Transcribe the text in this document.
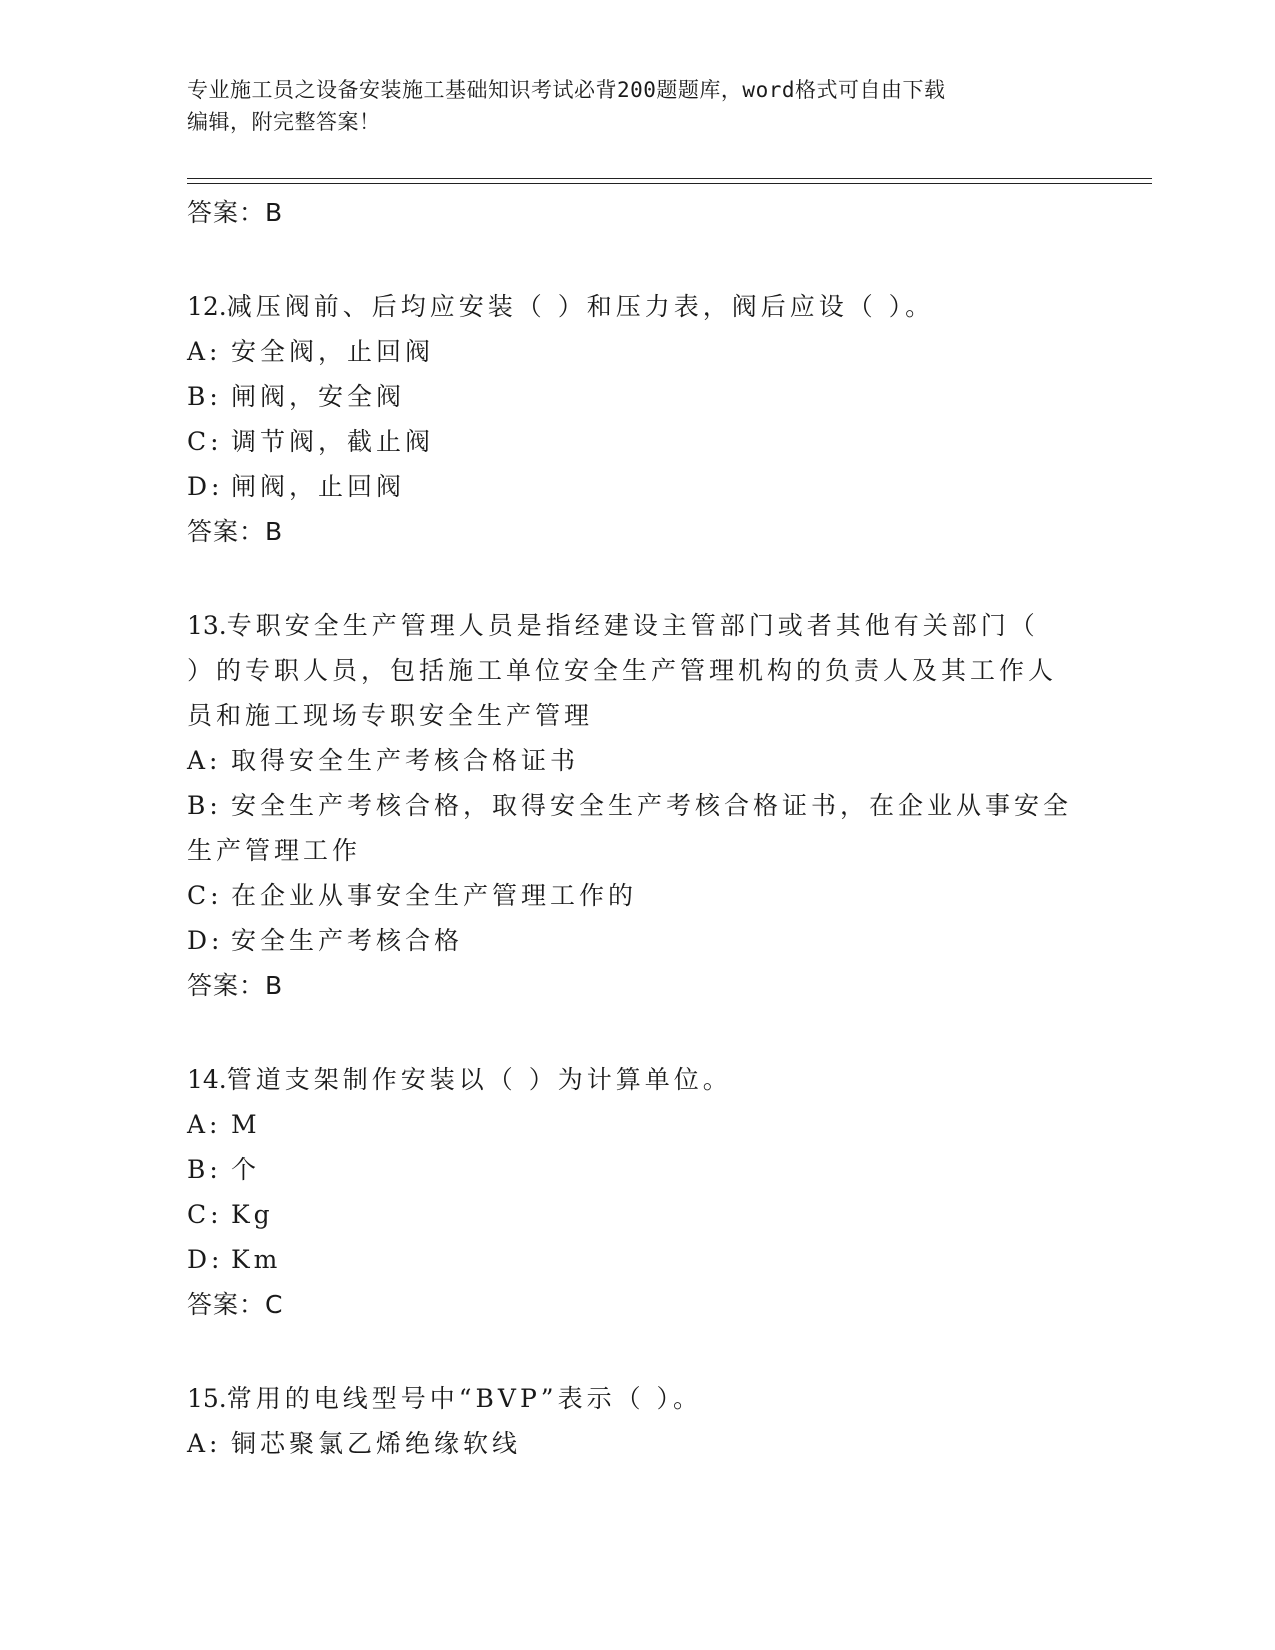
专业施工员之设备安装施工基础知识考试必背200题题库，word格式可自由下载
编辑，附完整答案！
答案：B
12.减压阀前、后均应安装（ ）和压力表，阀后应设（ ）。
A: 安全阀，止回阀
B: 闸阀，安全阀
C: 调节阀，截止阀
D: 闸阀，止回阀
答案：B
13.专职安全生产管理人员是指经建设主管部门或者其他有关部门（
）的专职人员，包括施工单位安全生产管理机构的负责人及其工作人
员和施工现场专职安全生产管理
A: 取得安全生产考核合格证书
B: 安全生产考核合格，取得安全生产考核合格证书，在企业从事安全
生产管理工作
C: 在企业从事安全生产管理工作的
D: 安全生产考核合格
答案：B
14.管道支架制作安装以（ ）为计算单位。
A: M
B: 个
C: Kg
D: Km
答案：C
15.常用的电线型号中“BVP”表示（ ）。
A: 铜芯聚氯乙烯绝缘软线
